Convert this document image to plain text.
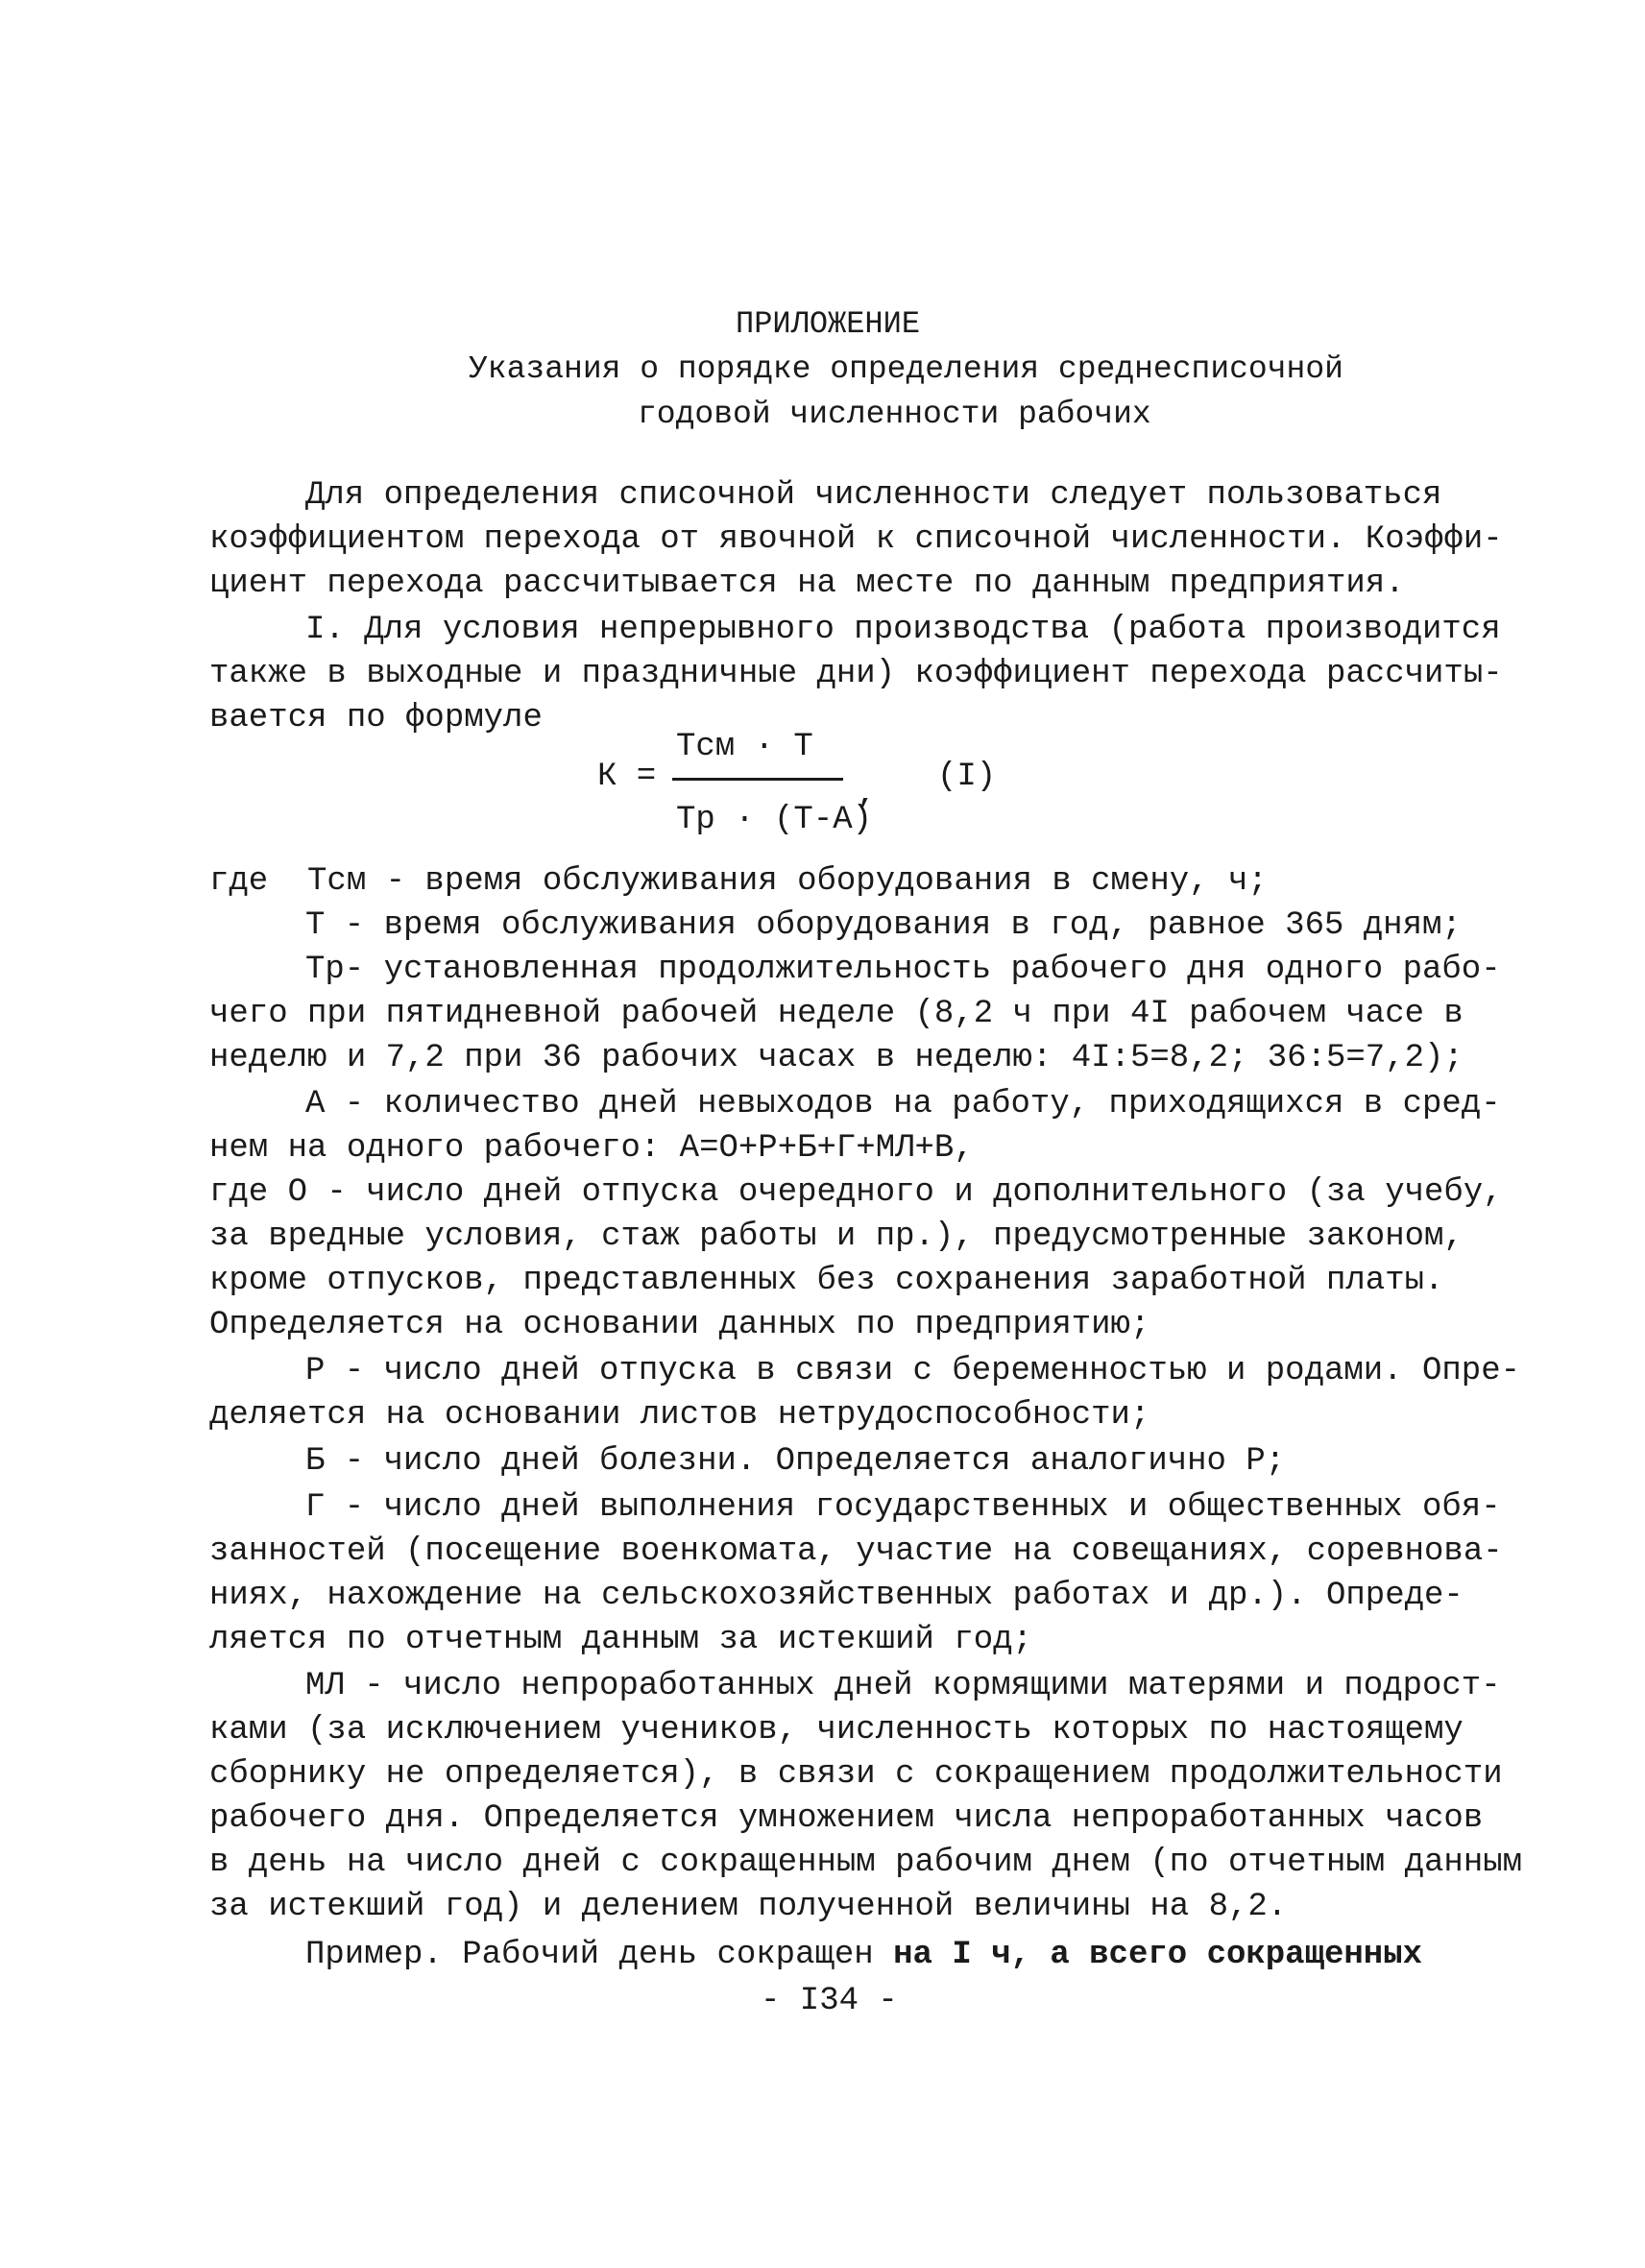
ПРИЛОЖЕНИЕ
Указания о порядке определения среднесписочной
годовой численности рабочих
Для определения списочной численности следует пользоваться
коэффициентом перехода от явочной к списочной численности. Коэффи-
циент перехода рассчитывается на месте по данным предприятия.
I. Для условия непрерывного производства (работа производится
также в выходные и праздничные дни) коэффициент перехода рассчиты-
вается по формуле
К =
Тсм · Т
Тр · (Т-А)
, (I)
где  Тсм - время обслуживания оборудования в смену, ч;
Т - время обслуживания оборудования в год, равное 365 дням;
Тр- установленная продолжительность рабочего дня одного рабо-
чего при пятидневной рабочей неделе (8,2 ч при 4I рабочем часе в
неделю и 7,2 при 36 рабочих часах в неделю: 4I:5=8,2; 36:5=7,2);
А - количество дней невыходов на работу, приходящихся в сред-
нем на одного рабочего: А=О+Р+Б+Г+МЛ+В,
где О - число дней отпуска очередного и дополнительного (за учебу,
за вредные условия, стаж работы и пр.), предусмотренные законом,
кроме отпусков, представленных без сохранения заработной платы.
Определяется на основании данных по предприятию;
Р - число дней отпуска в связи с беременностью и родами. Опре-
деляется на основании листов нетрудоспособности;
Б - число дней болезни. Определяется аналогично Р;
Г - число дней выполнения государственных и общественных обя-
занностей (посещение военкомата, участие на совещаниях, соревнова-
ниях, нахождение на сельскохозяйственных работах и др.). Опреде-
ляется по отчетным данным за истекший год;
МЛ - число непроработанных дней кормящими матерями и подрост-
ками (за исключением учеников, численность которых по настоящему
сборнику не определяется), в связи с сокращением продолжительности
рабочего дня. Определяется умножением числа непроработанных часов
в день на число дней с сокращенным рабочим днем (по отчетным данным
за истекший год) и делением полученной величины на 8,2.
Пример. Рабочий день сокращен на I ч, а всего сокращенных
- I34 -
